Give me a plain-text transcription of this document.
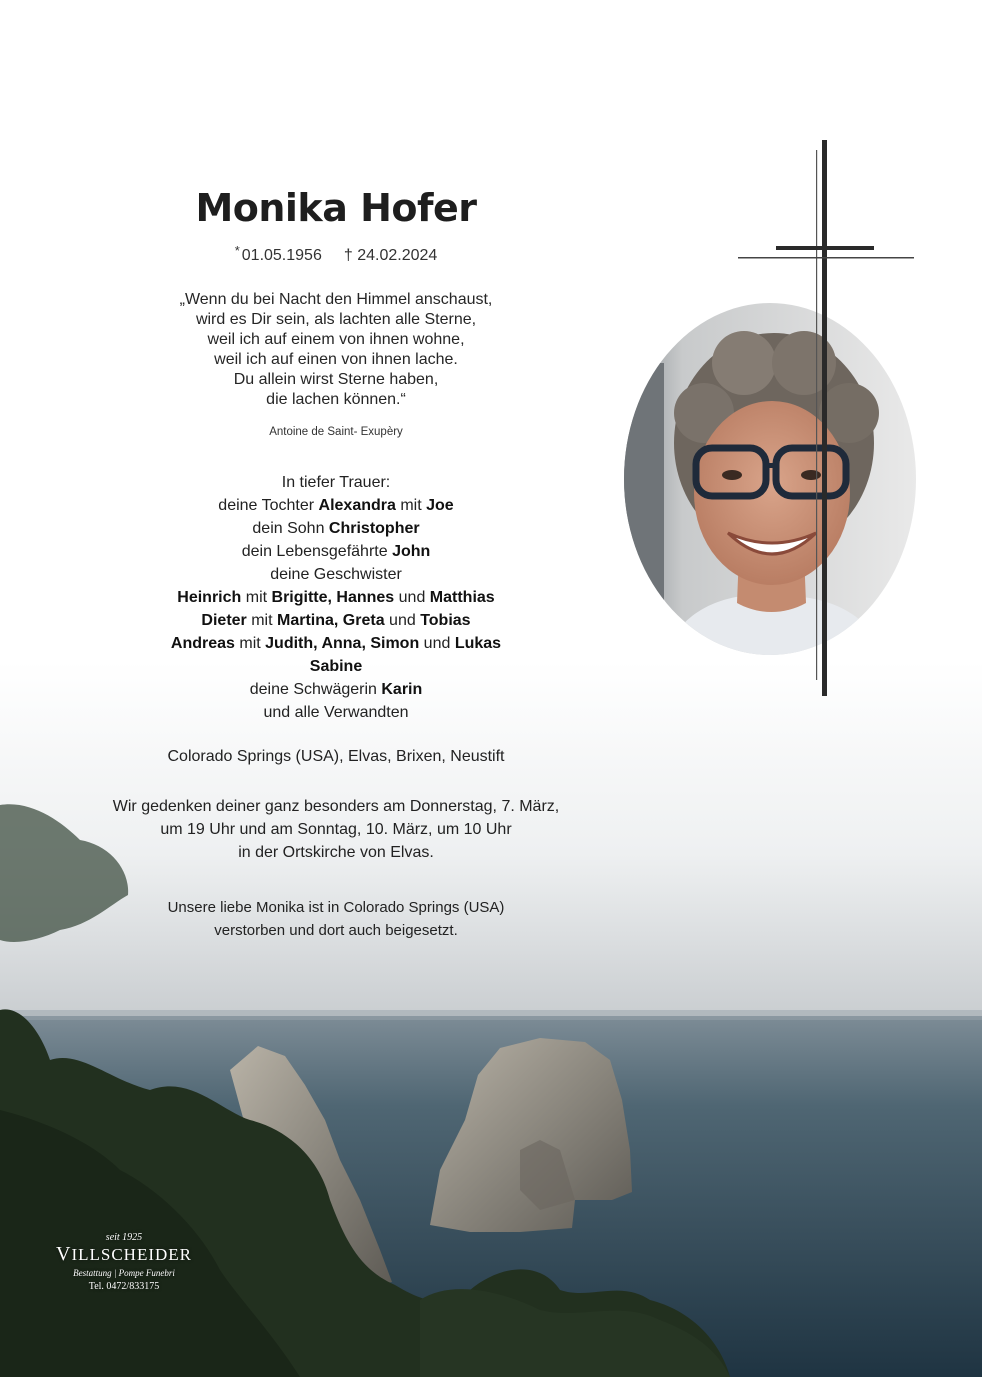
Monika Hofer
* 01.05.1956 † 24.02.2024
„Wenn du bei Nacht den Himmel anschaust,
wird es Dir sein, als lachten alle Sterne,
weil ich auf einem von ihnen wohne,
weil ich auf einen von ihnen lache.
Du allein wirst Sterne haben,
die lachen können.“
Antoine de Saint- Exupèry
In tiefer Trauer:
deine Tochter Alexandra mit Joe
dein Sohn Christopher
dein Lebensgefährte John
deine Geschwister
Heinrich mit Brigitte, Hannes und Matthias
Dieter mit Martina, Greta und Tobias
Andreas mit Judith, Anna, Simon und Lukas
Sabine
deine Schwägerin Karin
und alle Verwandten
Colorado Springs (USA), Elvas, Brixen, Neustift
Wir gedenken deiner ganz besonders am Donnerstag, 7. März,
um 19 Uhr und am Sonntag, 10. März, um 10 Uhr
in der Ortskirche von Elvas.
Unsere liebe Monika ist in Colorado Springs (USA)
verstorben und dort auch beigesetzt.
seit 1925
VILLSCHEIDER
Bestattung | Pompe Funebri
Tel. 0472/833175
